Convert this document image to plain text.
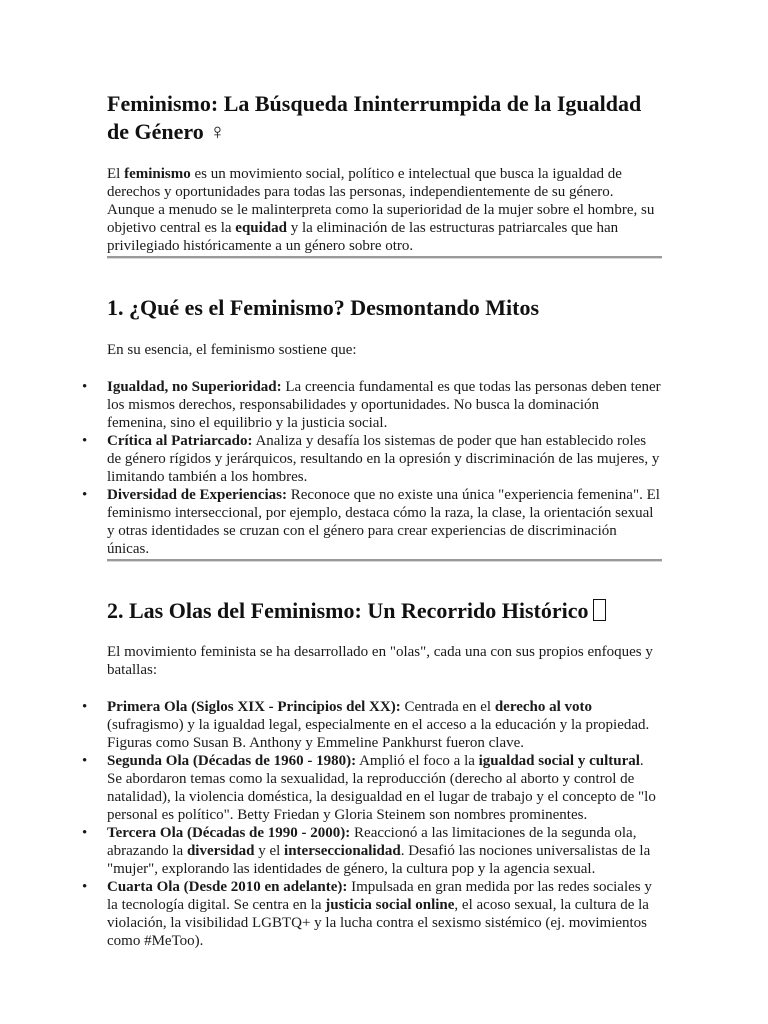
Feminismo: La Búsqueda Ininterrumpida de la Igualdad de Género ♀

El feminismo es un movimiento social, político e intelectual que busca la igualdad de derechos y oportunidades para todas las personas, independientemente de su género. Aunque a menudo se le malinterpreta como la superioridad de la mujer sobre el hombre, su objetivo central es la equidad y la eliminación de las estructuras patriarcales que han privilegiado históricamente a un género sobre otro.

1. ¿Qué es el Feminismo? Desmontando Mitos

En su esencia, el feminismo sostiene que:

• Igualdad, no Superioridad: La creencia fundamental es que todas las personas deben tener los mismos derechos, responsabilidades y oportunidades. No busca la dominación femenina, sino el equilibrio y la justicia social.
• Crítica al Patriarcado: Analiza y desafía los sistemas de poder que han establecido roles de género rígidos y jerárquicos, resultando en la opresión y discriminación de las mujeres, y limitando también a los hombres.
• Diversidad de Experiencias: Reconoce que no existe una única "experiencia femenina". El feminismo interseccional, por ejemplo, destaca cómo la raza, la clase, la orientación sexual y otras identidades se cruzan con el género para crear experiencias de discriminación únicas.
2. Las Olas del Feminismo: Un Recorrido Histórico

El movimiento feminista se ha desarrollado en "olas", cada una con sus propios enfoques y batallas:

• Primera Ola (Siglos XIX - Principios del XX): Centrada en el derecho al voto (sufragismo) y la igualdad legal, especialmente en el acceso a la educación y la propiedad. Figuras como Susan B. Anthony y Emmeline Pankhurst fueron clave.
• Segunda Ola (Décadas de 1960 - 1980): Amplió el foco a la igualdad social y cultural. Se abordaron temas como la sexualidad, la reproducción (derecho al aborto y control de natalidad), la violencia doméstica, la desigualdad en el lugar de trabajo y el concepto de "lo personal es político". Betty Friedan y Gloria Steinem son nombres prominentes.
• Tercera Ola (Décadas de 1990 - 2000): Reaccionó a las limitaciones de la segunda ola, abrazando la diversidad y el interseccionalidad. Desafió las nociones universalistas de la "mujer", explorando las identidades de género, la cultura pop y la agencia sexual.
• Cuarta Ola (Desde 2010 en adelante): Impulsada en gran medida por las redes sociales y la tecnología digital. Se centra en la justicia social online, el acoso sexual, la cultura de la violación, la visibilidad LGBTQ+ y la lucha contra el sexismo sistémico (ej. movimientos como #MeToo).
